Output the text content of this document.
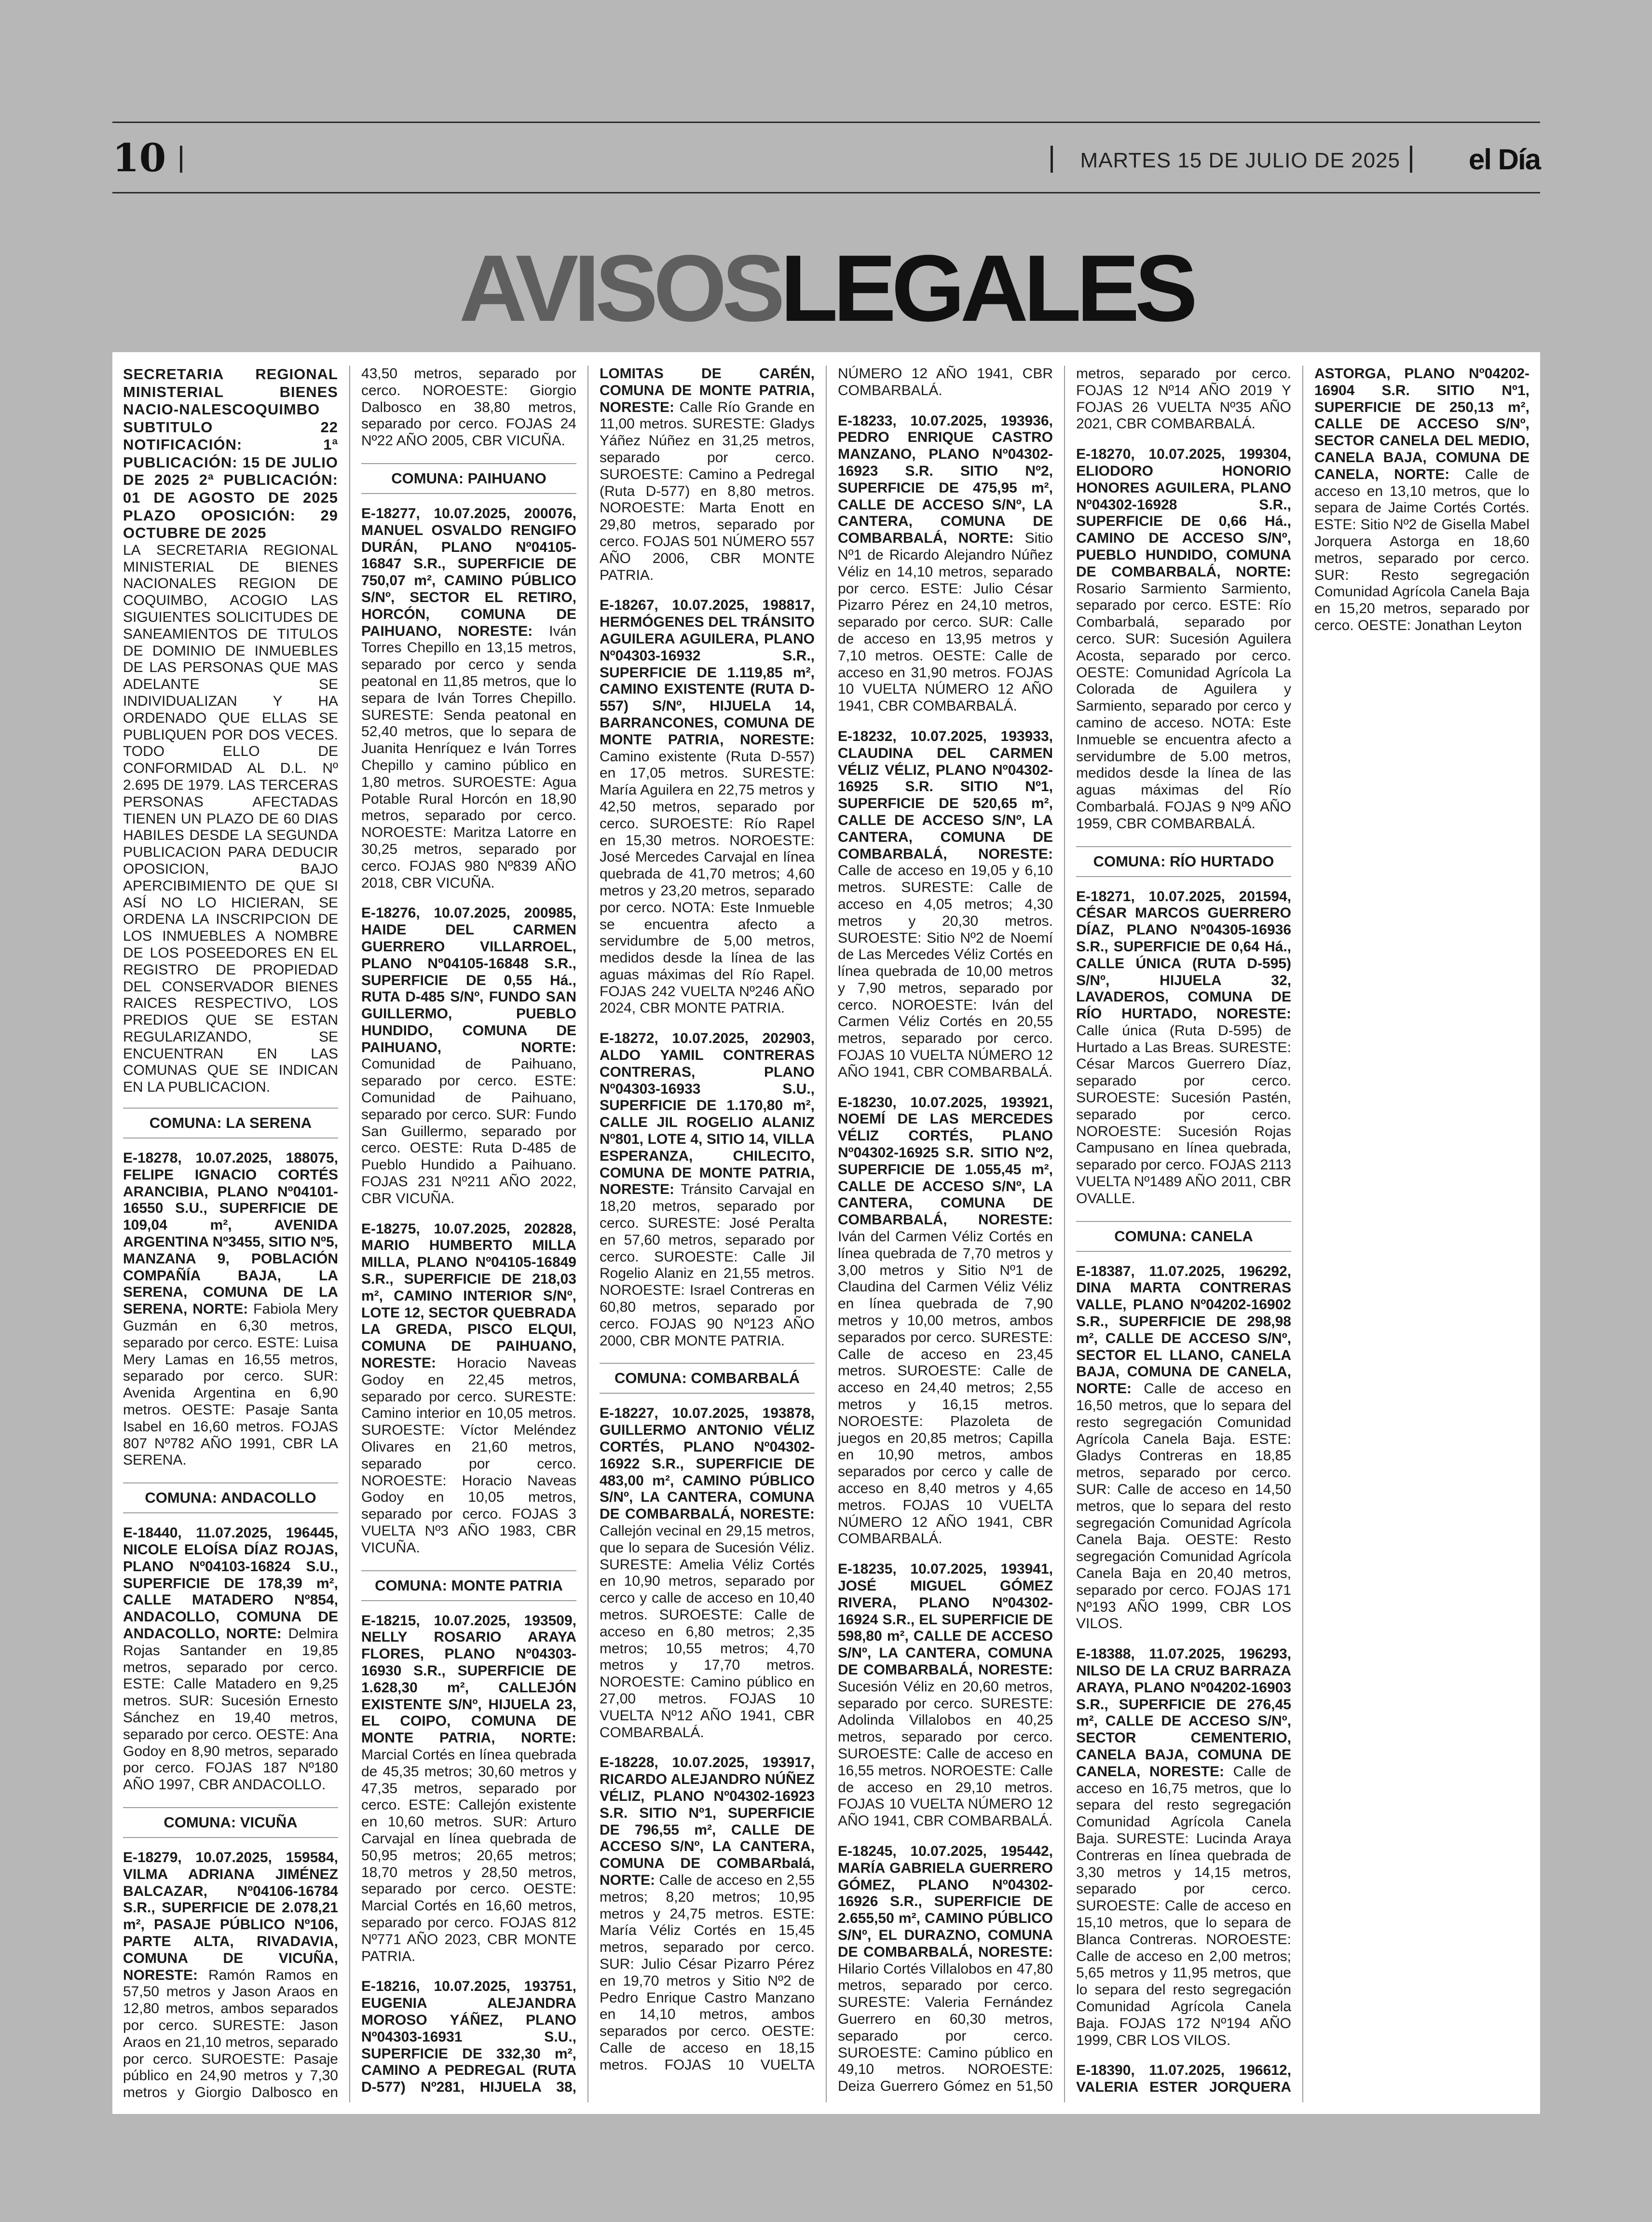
10	MARTES 15 DE JULIO DE 2025 el Día
AVISOSLEGALES

SECRETARIA REGIONAL MINISTERIAL BIENES NACIO-NALESCOQUIMBO SUBTITULO 22 NOTIFICACIÓN: 1ª PUBLICACIÓN: 15 DE JULIO DE 2025 2ª PUBLICACIÓN: 01 DE AGOSTO DE 2025 PLAZO OPOSICIÓN: 29 OCTUBRE DE 2025

LA SECRETARIA REGIONAL MINISTERIAL DE BIENES NACIONALES REGION DE COQUIMBO, ACOGIO LAS SIGUIENTES SOLICITUDES DE SANEAMIENTOS DE TITULOS DE DOMINIO DE INMUEBLES DE LAS PERSONAS QUE MAS ADELANTE SE INDIVIDUALIZAN Y HA ORDENADO QUE ELLAS SE PUBLIQUEN POR DOS VECES. TODO ELLO DE CONFORMIDAD AL D.L. Nº 2.695 DE 1979. LAS TERCERAS PERSONAS AFECTADAS TIENEN UN PLAZO DE 60 DIAS HABILES DESDE LA SEGUNDA PUBLICACION PARA DEDUCIR OPOSICION, BAJO APERCIBIMIENTO DE QUE SI ASÍ NO LO HICIERAN, SE ORDENA LA INSCRIPCION DE LOS INMUEBLES A NOMBRE DE LOS POSEEDORES EN EL REGISTRO DE PROPIEDAD DEL CONSERVADOR BIENES RAICES RESPECTIVO, LOS PREDIOS QUE SE ESTAN REGULARIZANDO, SE ENCUENTRAN EN LAS COMUNAS QUE SE INDICAN EN LA PUBLICACION.

COMUNA: LA SERENA

E-18278, 10.07.2025, 188075, FELIPE IGNACIO CORTÉS ARANCIBIA, PLANO Nº04101-16550 S.U., SUPERFICIE DE 109,04 m², AVENIDA ARGENTINA Nº3455, SITIO Nº5, MANZANA 9, POBLACIÓN COMPAÑÍA BAJA, LA SERENA, COMUNA DE LA SERENA, NORTE: Fabiola Mery Guzmán en 6,30 metros, separado por cerco. ESTE: Luisa Mery Lamas en 16,55 metros, separado por cerco. SUR: Avenida Argentina en 6,90 metros. OESTE: Pasaje Santa Isabel en 16,60 metros. FOJAS 807 Nº782 AÑO 1991, CBR LA SERENA.

COMUNA: ANDACOLLO

E-18440, 11.07.2025, 196445, NICOLE ELOÍSA DÍAZ ROJAS, PLANO Nº04103-16824 S.U., SUPERFICIE DE 178,39 m², CALLE MATADERO Nº854, ANDACOLLO, COMUNA DE ANDACOLLO, NORTE: Delmira Rojas Santander en 19,85 metros, separado por cerco. ESTE: Calle Matadero en 9,25 metros. SUR: Sucesión Ernesto Sánchez en 19,40 metros, separado por cerco. OESTE: Ana Godoy en 8,90 metros, separado por cerco. FOJAS 187 Nº180 AÑO 1997, CBR ANDACOLLO.

COMUNA: VICUÑA

E-18279, 10.07.2025, 159584, VILMA ADRIANA JIMÉNEZ BALCAZAR, Nº04106-16784 S.R., SUPERFICIE DE 2.078,21 m², PASAJE PÚBLICO Nº106, PARTE ALTA, RIVADAVIA, COMUNA DE VICUÑA, NORESTE: Ramón Ramos en 57,50 metros y Jason Araos en 12,80 metros, ambos separados por cerco. SURESTE: Jason Araos en 21,10 metros, separado por cerco. SUROESTE: Pasaje público en 24,90 metros y 7,30 metros y Giorgio Dalbosco en 43,50 metros, separado por cerco. NOROESTE: Giorgio Dalbosco en 38,80 metros, separado por cerco. FOJAS 24 Nº22 AÑO 2005, CBR VICUÑA.

COMUNA: PAIHUANO

E-18277, 10.07.2025, 200076, MANUEL OSVALDO RENGIFO DURÁN, PLANO Nº04105-16847 S.R., SUPERFICIE DE 750,07 m², CAMINO PÚBLICO S/Nº, SECTOR EL RETIRO, HORCÓN, COMUNA DE PAIHUANO, NORESTE: Iván Torres Chepillo en 13,15 metros, separado por cerco y senda peatonal en 11,85 metros, que lo separa de Iván Torres Chepillo. SURESTE: Senda peatonal en 52,40 metros, que lo separa de Juanita Henríquez e Iván Torres Chepillo y camino público en 1,80 metros. SUROESTE: Agua Potable Rural Horcón en 18,90 metros, separado por cerco. NOROESTE: Maritza Latorre en 30,25 metros, separado por cerco. FOJAS 980 Nº839 AÑO 2018, CBR VICUÑA.

E-18276, 10.07.2025, 200985, HAIDE DEL CARMEN GUERRERO VILLARROEL, PLANO Nº04105-16848 S.R., SUPERFICIE DE 0,55 Há., RUTA D-485 S/Nº, FUNDO SAN GUILLERMO, PUEBLO HUNDIDO, COMUNA DE PAIHUANO, NORTE: Comunidad de Paihuano, separado por cerco. ESTE: Comunidad de Paihuano, separado por cerco. SUR: Fundo San Guillermo, separado por cerco. OESTE: Ruta D-485 de Pueblo Hundido a Paihuano. FOJAS 231 Nº211 AÑO 2022, CBR VICUÑA.

E-18275, 10.07.2025, 202828, MARIO HUMBERTO MILLA MILLA, PLANO Nº04105-16849 S.R., SUPERFICIE DE 218,03 m², CAMINO INTERIOR S/Nº, LOTE 12, SECTOR QUEBRADA LA GREDA, PISCO ELQUI, COMUNA DE PAIHUANO, NORESTE: Horacio Naveas Godoy en 22,45 metros, separado por cerco. SURESTE: Camino interior en 10,05 metros. SUROESTE: Víctor Meléndez Olivares en 21,60 metros, separado por cerco. NOROESTE: Horacio Naveas Godoy en 10,05 metros, separado por cerco. FOJAS 3 VUELTA Nº3 AÑO 1983, CBR VICUÑA.

COMUNA: MONTE PATRIA

E-18215, 10.07.2025, 193509, NELLY ROSARIO ARAYA FLORES, PLANO Nº04303-16930 S.R., SUPERFICIE DE 1.628,30 m², CALLEJÓN EXISTENTE S/Nº, HIJUELA 23, EL COIPO, COMUNA DE MONTE PATRIA, NORTE: Marcial Cortés en línea quebrada de 45,35 metros; 30,60 metros y 47,35 metros, separado por cerco. ESTE: Callejón existente en 10,60 metros. SUR: Arturo Carvajal en línea quebrada de 50,95 metros; 20,65 metros; 18,70 metros y 28,50 metros, separado por cerco. OESTE: Marcial Cortés en 16,60 metros, separado por cerco. FOJAS 812 Nº771 AÑO 2023, CBR MONTE PATRIA.

E-18216, 10.07.2025, 193751, EUGENIA ALEJANDRA MOROSO YÁÑEZ, PLANO Nº04303-16931 S.U., SUPERFICIE DE 332,30 m², CAMINO A PEDREGAL (RUTA D-577) Nº281, HIJUELA 38, LOMITAS DE CARÉN, COMUNA DE MONTE PATRIA, NORESTE: Calle Río Grande en 11,00 metros. SURESTE: Gladys Yáñez Núñez en 31,25 metros, separado por cerco. SUROESTE: Camino a Pedregal (Ruta D-577) en 8,80 metros. NOROESTE: Marta Enott en 29,80 metros, separado por cerco. FOJAS 501 NÚMERO 557 AÑO 2006, CBR MONTE PATRIA.

E-18267, 10.07.2025, 198817, HERMÓGENES DEL TRÁNSITO AGUILERA AGUILERA, PLANO Nº04303-16932 S.R., SUPERFICIE DE 1.119,85 m², CAMINO EXISTENTE (RUTA D-557) S/Nº, HIJUELA 14, BARRANCONES, COMUNA DE MONTE PATRIA, NORESTE: Camino existente (Ruta D-557) en 17,05 metros. SURESTE: María Aguilera en 22,75 metros y 42,50 metros, separado por cerco. SUROESTE: Río Rapel en 15,30 metros. NOROESTE: José Mercedes Carvajal en línea quebrada de 41,70 metros; 4,60 metros y 23,20 metros, separado por cerco. NOTA: Este Inmueble se encuentra afecto a servidumbre de 5,00 metros, medidos desde la línea de las aguas máximas del Río Rapel. FOJAS 242 VUELTA Nº246 AÑO 2024, CBR MONTE PATRIA.

E-18272, 10.07.2025, 202903, ALDO YAMIL CONTRERAS CONTRERAS, PLANO Nº04303-16933 S.U., SUPERFICIE DE 1.170,80 m², CALLE JIL ROGELIO ALANIZ Nº801, LOTE 4, SITIO 14, VILLA ESPERANZA, CHILECITO, COMUNA DE MONTE PATRIA, NORESTE: Tránsito Carvajal en 18,20 metros, separado por cerco. SURESTE: José Peralta en 57,60 metros, separado por cerco. SUROESTE: Calle Jil Rogelio Alaniz en 21,55 metros. NOROESTE: Israel Contreras en 60,80 metros, separado por cerco. FOJAS 90 Nº123 AÑO 2000, CBR MONTE PATRIA.

COMUNA: COMBARBALÁ

E-18227, 10.07.2025, 193878, GUILLERMO ANTONIO VÉLIZ CORTÉS, PLANO Nº04302-16922 S.R., SUPERFICIE DE 483,00 m², CAMINO PÚBLICO S/Nº, LA CANTERA, COMUNA DE COMBARBALÁ, NORESTE: Callejón vecinal en 29,15 metros, que lo separa de Sucesión Véliz. SURESTE: Amelia Véliz Cortés en 10,90 metros, separado por cerco y calle de acceso en 10,40 metros. SUROESTE: Calle de acceso en 6,80 metros; 2,35 metros; 10,55 metros; 4,70 metros y 17,70 metros. NOROESTE: Camino público en 27,00 metros. FOJAS 10 VUELTA Nº12 AÑO 1941, CBR COMBARBALÁ.

E-18228, 10.07.2025, 193917, RICARDO ALEJANDRO NÚÑEZ VÉLIZ, PLANO Nº04302-16923 S.R. SITIO Nº1, SUPERFICIE DE 796,55 m², CALLE DE ACCESO S/Nº, LA CANTERA, COMUNA DE COMBARbalá, NORTE: Calle de acceso en 2,55 metros; 8,20 metros; 10,95 metros y 24,75 metros. ESTE: María Véliz Cortés en 15,45 metros, separado por cerco. SUR: Julio César Pizarro Pérez en 19,70 metros y Sitio Nº2 de Pedro Enrique Castro Manzano en 14,10 metros, ambos separados por cerco. OESTE: Calle de acceso en 18,15 metros. FOJAS 10 VUELTA NÚMERO 12 AÑO 1941, CBR COMBARBALÁ.

E-18233, 10.07.2025, 193936, PEDRO ENRIQUE CASTRO MANZANO, PLANO Nº04302-16923 S.R. SITIO Nº2, SUPERFICIE DE 475,95 m², CALLE DE ACCESO S/Nº, LA CANTERA, COMUNA DE COMBARBALÁ, NORTE: Sitio Nº1 de Ricardo Alejandro Núñez Véliz en 14,10 metros, separado por cerco. ESTE: Julio César Pizarro Pérez en 24,10 metros, separado por cerco. SUR: Calle de acceso en 13,95 metros y 7,10 metros. OESTE: Calle de acceso en 31,90 metros. FOJAS 10 VUELTA NÚMERO 12 AÑO 1941, CBR COMBARBALÁ.

E-18232, 10.07.2025, 193933, CLAUDINA DEL CARMEN VÉLIZ VÉLIZ, PLANO Nº04302-16925 S.R. SITIO Nº1, SUPERFICIE DE 520,65 m², CALLE DE ACCESO S/Nº, LA CANTERA, COMUNA DE COMBARBALÁ, NORESTE: Calle de acceso en 19,05 y 6,10 metros. SURESTE: Calle de acceso en 4,05 metros; 4,30 metros y 20,30 metros. SUROESTE: Sitio Nº2 de Noemí de Las Mercedes Véliz Cortés en línea quebrada de 10,00 metros y 7,90 metros, separado por cerco. NOROESTE: Iván del Carmen Véliz Cortés en 20,55 metros, separado por cerco. FOJAS 10 VUELTA NÚMERO 12 AÑO 1941, CBR COMBARBALÁ.

E-18230, 10.07.2025, 193921, NOEMÍ DE LAS MERCEDES VÉLIZ CORTÉS, PLANO Nº04302-16925 S.R. SITIO Nº2, SUPERFICIE DE 1.055,45 m², CALLE DE ACCESO S/Nº, LA CANTERA, COMUNA DE COMBARBALÁ, NORESTE: Iván del Carmen Véliz Cortés en línea quebrada de 7,70 metros y 3,00 metros y Sitio Nº1 de Claudina del Carmen Véliz Véliz en línea quebrada de 7,90 metros y 10,00 metros, ambos separados por cerco. SURESTE: Calle de acceso en 23,45 metros. SUROESTE: Calle de acceso en 24,40 metros; 2,55 metros y 16,15 metros. NOROESTE: Plazoleta de juegos en 20,85 metros; Capilla en 10,90 metros, ambos separados por cerco y calle de acceso en 8,40 metros y 4,65 metros. FOJAS 10 VUELTA NÚMERO 12 AÑO 1941, CBR COMBARBALÁ.

E-18235, 10.07.2025, 193941, JOSÉ MIGUEL GÓMEZ RIVERA, PLANO Nº04302-16924 S.R., EL SUPERFICIE DE 598,80 m², CALLE DE ACCESO S/Nº, LA CANTERA, COMUNA DE COMBARBALÁ, NORESTE: Sucesión Véliz en 20,60 metros, separado por cerco. SURESTE: Adolinda Villalobos en 40,25 metros, separado por cerco. SUROESTE: Calle de acceso en 16,55 metros. NOROESTE: Calle de acceso en 29,10 metros. FOJAS 10 VUELTA NÚMERO 12 AÑO 1941, CBR COMBARBALÁ.

E-18245, 10.07.2025, 195442, MARÍA GABRIELA GUERRERO GÓMEZ, PLANO Nº04302-16926 S.R., SUPERFICIE DE 2.655,50 m², CAMINO PÚBLICO S/Nº, EL DURAZNO, COMUNA DE COMBARBALÁ, NORESTE: Hilario Cortés Villalobos en 47,80 metros, separado por cerco. SURESTE: Valeria Fernández Guerrero en 60,30 metros, separado por cerco. SUROESTE: Camino público en 49,10 metros. NOROESTE: Deiza Guerrero Gómez en 51,50 metros, separado por cerco. FOJAS 12 Nº14 AÑO 2019 Y FOJAS 26 VUELTA Nº35 AÑO 2021, CBR COMBARBALÁ.

E-18270, 10.07.2025, 199304, ELIODORO HONORIO HONORES AGUILERA, PLANO Nº04302-16928 S.R., SUPERFICIE DE 0,66 Há., CAMINO DE ACCESO S/Nº, PUEBLO HUNDIDO, COMUNA DE COMBARBALÁ, NORTE: Rosario Sarmiento Sarmiento, separado por cerco. ESTE: Río Combarbalá, separado por cerco. SUR: Sucesión Aguilera Acosta, separado por cerco. OESTE: Comunidad Agrícola La Colorada de Aguilera y Sarmiento, separado por cerco y camino de acceso. NOTA: Este Inmueble se encuentra afecto a servidumbre de 5.00 metros, medidos desde la línea de las aguas máximas del Río Combarbalá. FOJAS 9 Nº9 AÑO 1959, CBR COMBARBALÁ.

COMUNA: RÍO HURTADO

E-18271, 10.07.2025, 201594, CÉSAR MARCOS GUERRERO DÍAZ, PLANO Nº04305-16936 S.R., SUPERFICIE DE 0,64 Há., CALLE ÚNICA (RUTA D-595) S/Nº, HIJUELA 32, LAVADEROS, COMUNA DE RÍO HURTADO, NORESTE: Calle única (Ruta D-595) de Hurtado a Las Breas. SURESTE: César Marcos Guerrero Díaz, separado por cerco. SUROESTE: Sucesión Pastén, separado por cerco. NOROESTE: Sucesión Rojas Campusano en línea quebrada, separado por cerco. FOJAS 2113 VUELTA Nº1489 AÑO 2011, CBR OVALLE.

COMUNA: CANELA

E-18387, 11.07.2025, 196292, DINA MARTA CONTRERAS VALLE, PLANO Nº04202-16902 S.R., SUPERFICIE DE 298,98 m², CALLE DE ACCESO S/Nº, SECTOR EL LLANO, CANELA BAJA, COMUNA DE CANELA, NORTE: Calle de acceso en 16,50 metros, que lo separa del resto segregación Comunidad Agrícola Canela Baja. ESTE: Gladys Contreras en 18,85 metros, separado por cerco. SUR: Calle de acceso en 14,50 metros, que lo separa del resto segregación Comunidad Agrícola Canela Baja. OESTE: Resto segregación Comunidad Agrícola Canela Baja en 20,40 metros, separado por cerco. FOJAS 171 Nº193 AÑO 1999, CBR LOS VILOS.

E-18388, 11.07.2025, 196293, NILSO DE LA CRUZ BARRAZA ARAYA, PLANO Nº04202-16903 S.R., SUPERFICIE DE 276,45 m², CALLE DE ACCESO S/Nº, SECTOR CEMENTERIO, CANELA BAJA, COMUNA DE CANELA, NORESTE: Calle de acceso en 16,75 metros, que lo separa del resto segregación Comunidad Agrícola Canela Baja. SURESTE: Lucinda Araya Contreras en línea quebrada de 3,30 metros y 14,15 metros, separado por cerco. SUROESTE: Calle de acceso en 15,10 metros, que lo separa de Blanca Contreras. NOROESTE: Calle de acceso en 2,00 metros; 5,65 metros y 11,95 metros, que lo separa del resto segregación Comunidad Agrícola Canela Baja. FOJAS 172 Nº194 AÑO 1999, CBR LOS VILOS.

E-18390, 11.07.2025, 196612, VALERIA ESTER JORQUERA ASTORGA, PLANO Nº04202-16904 S.R. SITIO Nº1, SUPERFICIE DE 250,13 m², CALLE DE ACCESO S/Nº, SECTOR CANELA DEL MEDIO, CANELA BAJA, COMUNA DE CANELA, NORTE: Calle de acceso en 13,10 metros, que lo separa de Jaime Cortés Cortés. ESTE: Sitio Nº2 de Gisella Mabel Jorquera Astorga en 18,60 metros, separado por cerco. SUR: Resto segregación Comunidad Agrícola Canela Baja en 15,20 metros, separado por cerco. OESTE: Jonathan Leyton
